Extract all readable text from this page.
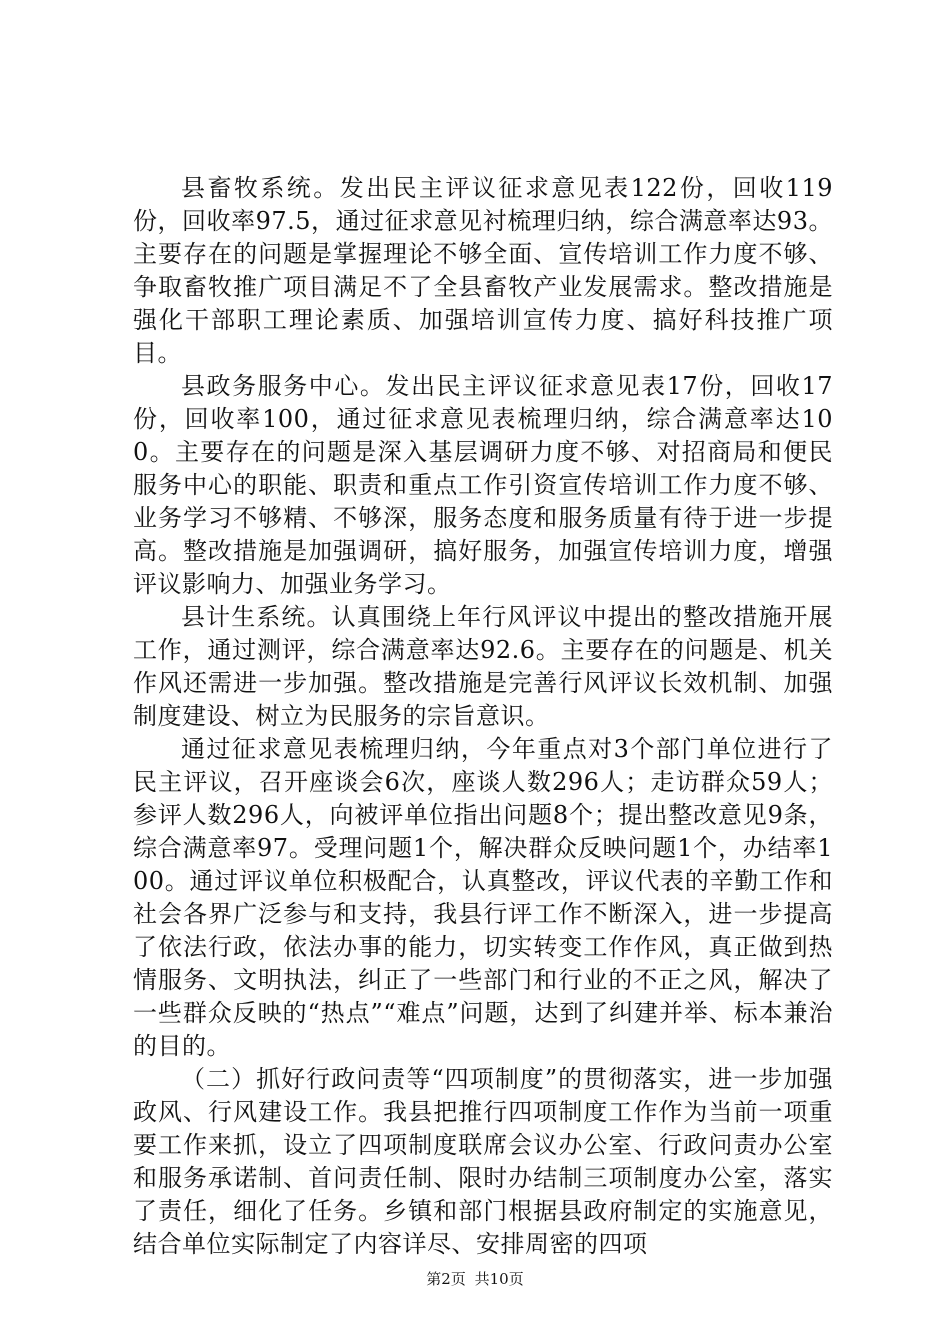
县畜牧系统。发出民主评议征求意见表122份，回收119份，回收率97.5，通过征求意见衬梳理归纳，综合满意率达93。主要存在的问题是掌握理论不够全面、宣传培训工作力度不够、争取畜牧推广项目满足不了全县畜牧产业发展需求。整改措施是强化干部职工理论素质、加强培训宣传力度、搞好科技推广项目。

县政务服务中心。发出民主评议征求意见表17份，回收17份，回收率100，通过征求意见表梳理归纳，综合满意率达100。主要存在的问题是深入基层调研力度不够、对招商局和便民服务中心的职能、职责和重点工作引资宣传培训工作力度不够、业务学习不够精、不够深，服务态度和服务质量有待于进一步提高。整改措施是加强调研，搞好服务，加强宣传培训力度，增强评议影响力、加强业务学习。

县计生系统。认真围绕上年行风评议中提出的整改措施开展工作，通过测评，综合满意率达92.6。主要存在的问题是、机关作风还需进一步加强。整改措施是完善行风评议长效机制、加强制度建设、树立为民服务的宗旨意识。

通过征求意见表梳理归纳，今年重点对3个部门单位进行了民主评议，召开座谈会6次，座谈人数296人；走访群众59人；参评人数296人，向被评单位指出问题8个；提出整改意见9条，综合满意率97。受理问题1个，解决群众反映问题1个，办结率100。通过评议单位积极配合，认真整改，评议代表的辛勤工作和社会各界广泛参与和支持，我县行评工作不断深入，进一步提高了依法行政，依法办事的能力，切实转变工作作风，真正做到热情服务、文明执法，纠正了一些部门和行业的不正之风，解决了一些群众反映的“热点”“难点”问题，达到了纠建并举、标本兼治的目的。

（二）抓好行政问责等“四项制度”的贯彻落实，进一步加强政风、行风建设工作。我县把推行四项制度工作作为当前一项重要工作来抓，设立了四项制度联席会议办公室、行政问责办公室和服务承诺制、首问责任制、限时办结制三项制度办公室，落实了责任，细化了任务。乡镇和部门根据县政府制定的实施意见，结合单位实际制定了内容详尽、安排周密的四项

第2页 共10页
